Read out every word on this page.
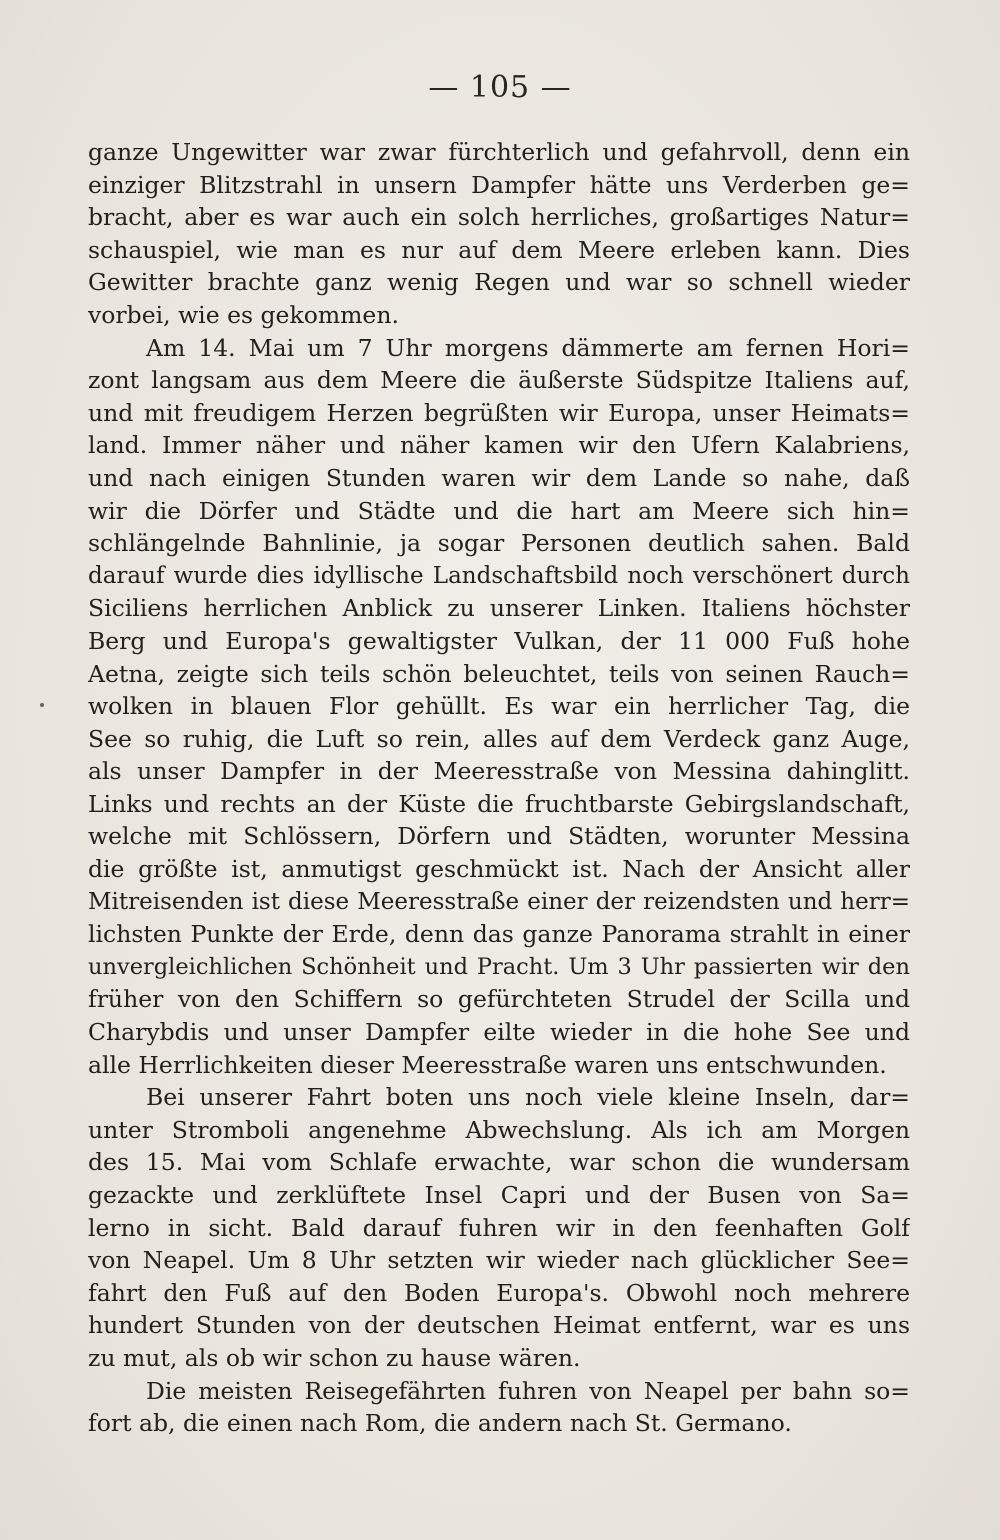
— 105 —
ganze Ungewitter war zwar fürchterlich und gefahrvoll, denn ein
einziger Blitzstrahl in unsern Dampfer hätte uns Verderben ge=
bracht, aber es war auch ein solch herrliches, großartiges Natur=
schauspiel, wie man es nur auf dem Meere erleben kann. Dies
Gewitter brachte ganz wenig Regen und war so schnell wieder
vorbei, wie es gekommen.
Am 14. Mai um 7 Uhr morgens dämmerte am fernen Hori=
zont langsam aus dem Meere die äußerste Südspitze Italiens auf,
und mit freudigem Herzen begrüßten wir Europa, unser Heimats=
land. Immer näher und näher kamen wir den Ufern Kalabriens,
und nach einigen Stunden waren wir dem Lande so nahe, daß
wir die Dörfer und Städte und die hart am Meere sich hin=
schlängelnde Bahnlinie, ja sogar Personen deutlich sahen. Bald
darauf wurde dies idyllische Landschaftsbild noch verschönert durch
Siciliens herrlichen Anblick zu unserer Linken. Italiens höchster
Berg und Europa's gewaltigster Vulkan, der 11 000 Fuß hohe
Aetna, zeigte sich teils schön beleuchtet, teils von seinen Rauch=
wolken in blauen Flor gehüllt. Es war ein herrlicher Tag, die
See so ruhig, die Luft so rein, alles auf dem Verdeck ganz Auge,
als unser Dampfer in der Meeresstraße von Messina dahinglitt.
Links und rechts an der Küste die fruchtbarste Gebirgslandschaft,
welche mit Schlössern, Dörfern und Städten, worunter Messina
die größte ist, anmutigst geschmückt ist. Nach der Ansicht aller
Mitreisenden ist diese Meeresstraße einer der reizendsten und herr=
lichsten Punkte der Erde, denn das ganze Panorama strahlt in einer
unvergleichlichen Schönheit und Pracht. Um 3 Uhr passierten wir den
früher von den Schiffern so gefürchteten Strudel der Scilla und
Charybdis und unser Dampfer eilte wieder in die hohe See und
alle Herrlichkeiten dieser Meeresstraße waren uns entschwunden.
Bei unserer Fahrt boten uns noch viele kleine Inseln, dar=
unter Stromboli angenehme Abwechslung. Als ich am Morgen
des 15. Mai vom Schlafe erwachte, war schon die wundersam
gezackte und zerklüftete Insel Capri und der Busen von Sa=
lerno in sicht. Bald darauf fuhren wir in den feenhaften Golf
von Neapel. Um 8 Uhr setzten wir wieder nach glücklicher See=
fahrt den Fuß auf den Boden Europa's. Obwohl noch mehrere
hundert Stunden von der deutschen Heimat entfernt, war es uns
zu mut, als ob wir schon zu hause wären.
Die meisten Reisegefährten fuhren von Neapel per bahn so=
fort ab, die einen nach Rom, die andern nach St. Germano.
